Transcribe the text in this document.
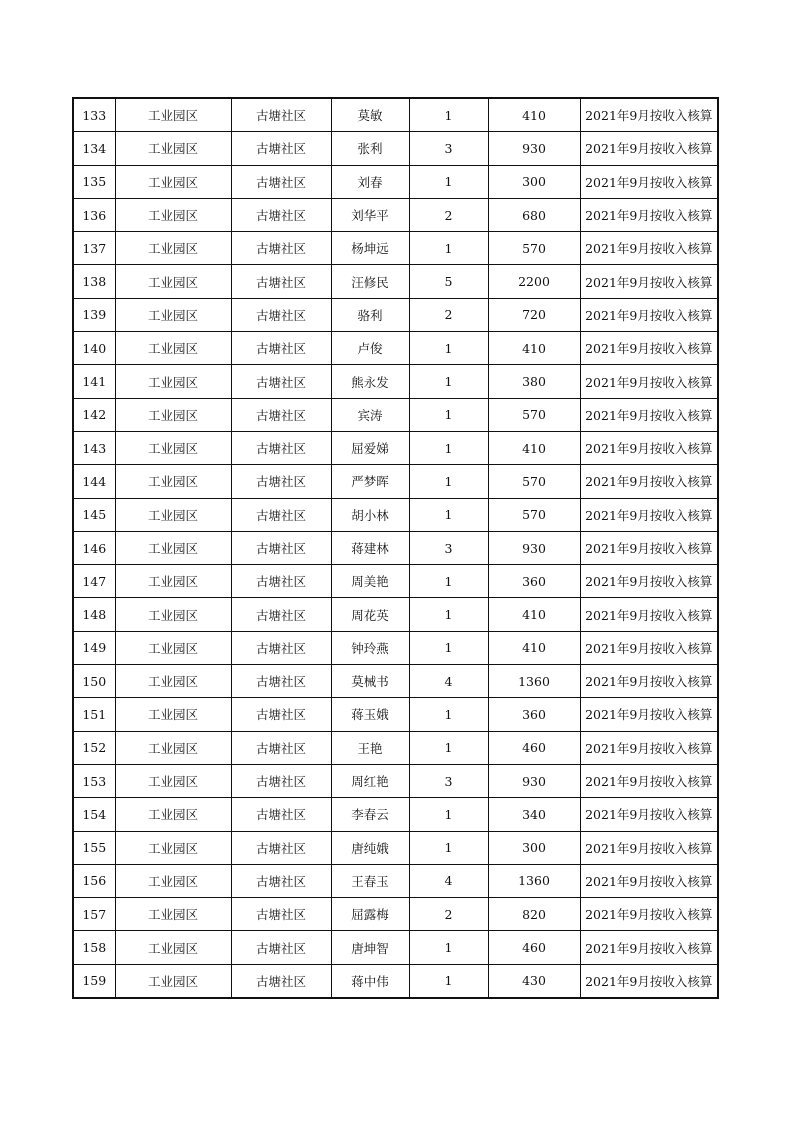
133	工业园区	古塘社区	莫敏	1	410	2021年9月按收入核算
134	工业园区	古塘社区	张利	3	930	2021年9月按收入核算
135	工业园区	古塘社区	刘春	1	300	2021年9月按收入核算
136	工业园区	古塘社区	刘华平	2	680	2021年9月按收入核算
137	工业园区	古塘社区	杨坤远	1	570	2021年9月按收入核算
138	工业园区	古塘社区	汪修民	5	2200	2021年9月按收入核算
139	工业园区	古塘社区	骆利	2	720	2021年9月按收入核算
140	工业园区	古塘社区	卢俊	1	410	2021年9月按收入核算
141	工业园区	古塘社区	熊永发	1	380	2021年9月按收入核算
142	工业园区	古塘社区	宾涛	1	570	2021年9月按收入核算
143	工业园区	古塘社区	屈爱娣	1	410	2021年9月按收入核算
144	工业园区	古塘社区	严梦晖	1	570	2021年9月按收入核算
145	工业园区	古塘社区	胡小林	1	570	2021年9月按收入核算
146	工业园区	古塘社区	蒋建林	3	930	2021年9月按收入核算
147	工业园区	古塘社区	周美艳	1	360	2021年9月按收入核算
148	工业园区	古塘社区	周花英	1	410	2021年9月按收入核算
149	工业园区	古塘社区	钟玲燕	1	410	2021年9月按收入核算
150	工业园区	古塘社区	莫械书	4	1360	2021年9月按收入核算
151	工业园区	古塘社区	蒋玉娥	1	360	2021年9月按收入核算
152	工业园区	古塘社区	王艳	1	460	2021年9月按收入核算
153	工业园区	古塘社区	周红艳	3	930	2021年9月按收入核算
154	工业园区	古塘社区	李春云	1	340	2021年9月按收入核算
155	工业园区	古塘社区	唐纯娥	1	300	2021年9月按收入核算
156	工业园区	古塘社区	王春玉	4	1360	2021年9月按收入核算
157	工业园区	古塘社区	屈露梅	2	820	2021年9月按收入核算
158	工业园区	古塘社区	唐坤智	1	460	2021年9月按收入核算
159	工业园区	古塘社区	蒋中伟	1	430	2021年9月按收入核算
